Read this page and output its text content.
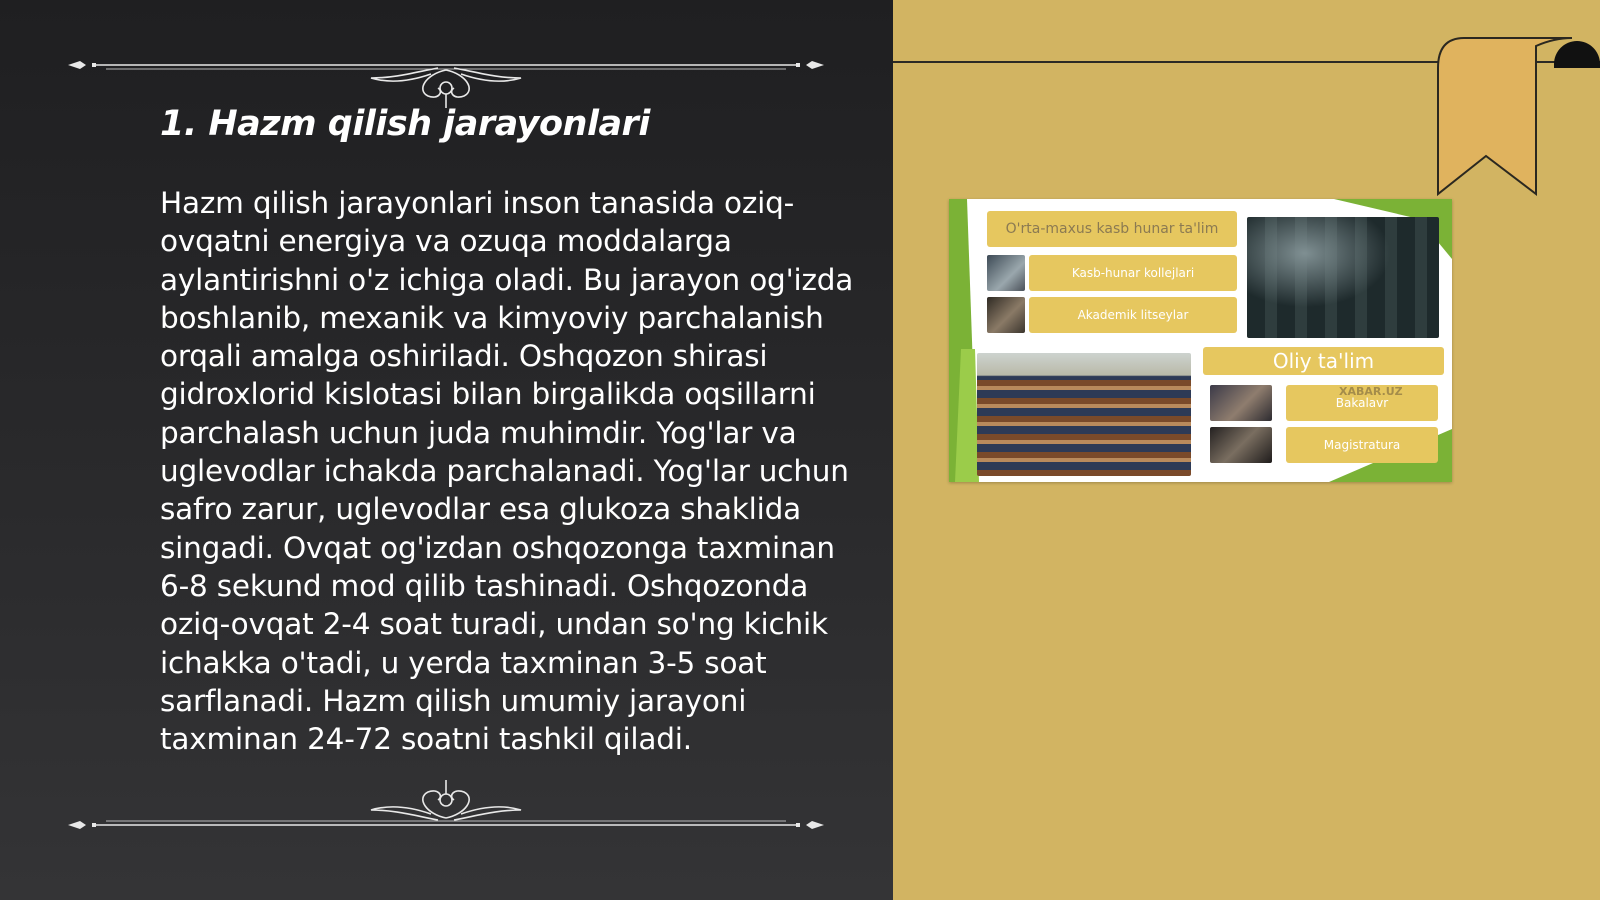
1. Hazm qilish jarayonlari

Hazm qilish jarayonlari inson tanasida oziq-ovqatni energiya va ozuqa moddalarga aylantirishni o'z ichiga oladi. Bu jarayon og'izda boshlanib, mexanik va kimyoviy parchalanish orqali amalga oshiriladi. Oshqozon shirasi gidroxlorid kislotasi bilan birgalikda oqsillarni parchalash uchun juda muhimdir. Yog'lar va uglevodlar ichakda parchalanadi. Yog'lar uchun safro zarur, uglevodlar esa glukoza shaklida singadi. Ovqat og'izdan oshqozonga taxminan 6-8 sekund mod qilib tashinadi. Oshqozonda oziq-ovqat 2-4 soat turadi, undan so'ng kichik ichakka o'tadi, u yerda taxminan 3-5 soat sarflanadi. Hazm qilish umumiy jarayoni taxminan 24-72 soatni tashkil qiladi.

O'rta-maxus kasb hunar ta'lim
Kasb-hunar kollejlari
Akademik litseylar
Oliy ta'lim
Bakalavr
Magistratura
XABAR.UZ
